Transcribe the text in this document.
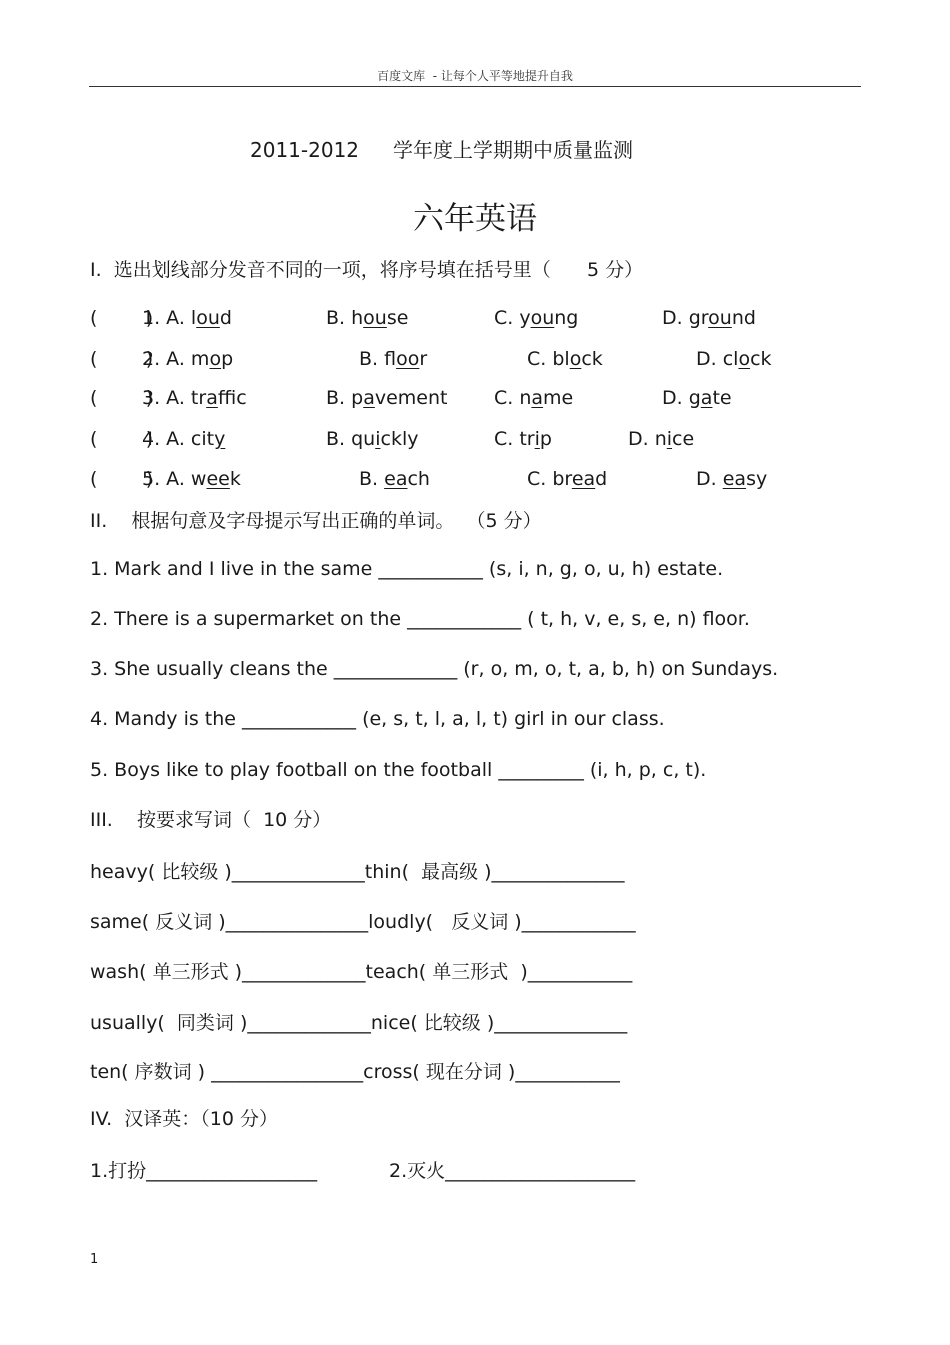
百度文库  - 让每个人平等地提升自我
2011-2012 学年度上学期期中质量监测
六年英语
I.  选出划线部分发音不同的一项，将序号填在括号里（      5 分）
(        )
1. A. loud	B. house	C. young	D. ground
(        )
2. A. mop	B. floor	C. block	D. clock
(        )
3. A. traffic	B. pavement C. name	D. gate
(        )
4. A. city	B. quickly	C. trip	D. nice
(        )
5. A. week	B. each	C. bread	D. easy
II.    根据句意及字母提示写出正确的单词。  （5 分）
1. Mark and I live in the same ___________ (s, i, n, g, o, u, h) estate.
2. There is a supermarket on the ____________ ( t, h, v, e, s, e, n) floor.
3. She usually cleans the _____________ (r, o, m, o, t, a, b, h) on Sundays.
4. Mandy is the ____________ (e, s, t, l, a, l, t) girl in our class.
5. Boys like to play football on the football _________ (i, h, p, c, t).
III.    按要求写词（  10 分）
heavy( 比较级 )______________thin(  最高级 )______________
same( 反义词 )_______________loudly(   反义词 )____________
wash( 单三形式 )_____________teach( 单三形式  )___________
usually(  同类词 )_____________nice( 比较级 )______________
ten( 序数词 ) ________________cross( 现在分词 )___________
IV.  汉译英：（10 分）
1.打扮__________________	2.灭火____________________
1
